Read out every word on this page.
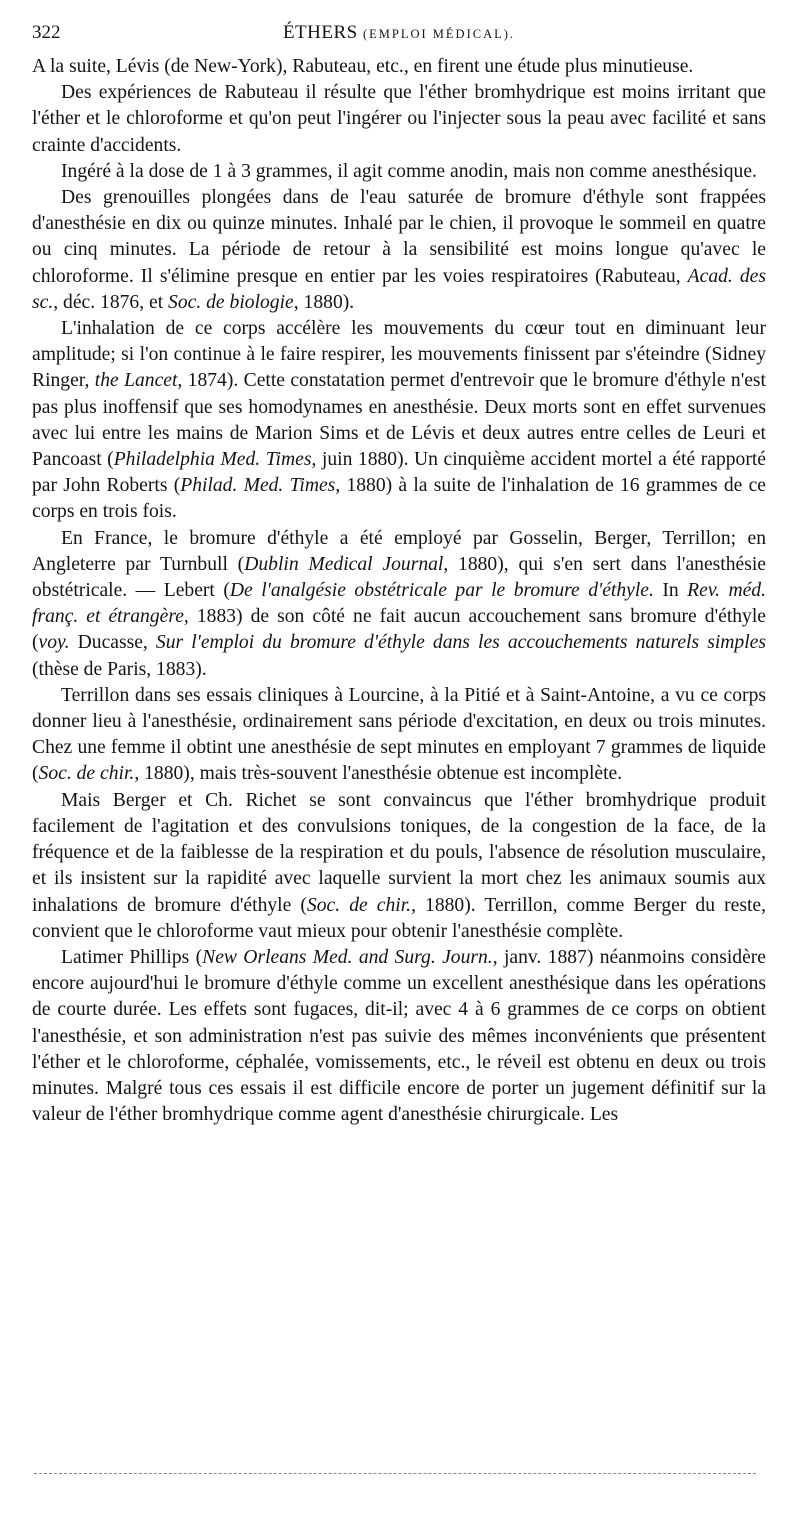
322	ÉTHERS (EMPLOI MÉDICAL).

A la suite, Lévis (de New-York), Rabuteau, etc., en firent une étude plus minutieuse.

Des expériences de Rabuteau il résulte que l'éther bromhydrique est moins irritant que l'éther et le chloroforme et qu'on peut l'ingérer ou l'injecter sous la peau avec facilité et sans crainte d'accidents.

Ingéré à la dose de 1 à 3 grammes, il agit comme anodin, mais non comme anesthésique.

Des grenouilles plongées dans de l'eau saturée de bromure d'éthyle sont frappées d'anesthésie en dix ou quinze minutes. Inhalé par le chien, il provoque le sommeil en quatre ou cinq minutes. La période de retour à la sensibilité est moins longue qu'avec le chloroforme. Il s'élimine presque en entier par les voies respiratoires (Rabuteau, Acad. des sc., déc. 1876, et Soc. de biologie, 1880).

L'inhalation de ce corps accélère les mouvements du cœur tout en diminuant leur amplitude; si l'on continue à le faire respirer, les mouvements finissent par s'éteindre (Sidney Ringer, the Lancet, 1874). Cette constatation permet d'entrevoir que le bromure d'éthyle n'est pas plus inoffensif que ses homodynames en anesthésie. Deux morts sont en effet survenues avec lui entre les mains de Marion Sims et de Lévis et deux autres entre celles de Leuri et Pancoast (Philadelphia Med. Times, juin 1880). Un cinquième accident mortel a été rapporté par John Roberts (Philad. Med. Times, 1880) à la suite de l'inhalation de 16 grammes de ce corps en trois fois.

En France, le bromure d'éthyle a été employé par Gosselin, Berger, Terrillon; en Angleterre par Turnbull (Dublin Medical Journal, 1880), qui s'en sert dans l'anesthésie obstétricale. — Lebert (De l'analgésie obstétricale par le bromure d'éthyle. In Rev. méd. franç. et étrangère, 1883) de son côté ne fait aucun accouchement sans bromure d'éthyle (voy. Ducasse, Sur l'emploi du bromure d'éthyle dans les accouchements naturels simples (thèse de Paris, 1883).

Terrillon dans ses essais cliniques à Lourcine, à la Pitié et à Saint-Antoine, a vu ce corps donner lieu à l'anesthésie, ordinairement sans période d'excitation, en deux ou trois minutes. Chez une femme il obtint une anesthésie de sept minutes en employant 7 grammes de liquide (Soc. de chir., 1880), mais très-souvent l'anesthésie obtenue est incomplète.

Mais Berger et Ch. Richet se sont convaincus que l'éther bromhydrique produit facilement de l'agitation et des convulsions toniques, de la congestion de la face, de la fréquence et de la faiblesse de la respiration et du pouls, l'absence de résolution musculaire, et ils insistent sur la rapidité avec laquelle survient la mort chez les animaux soumis aux inhalations de bromure d'éthyle (Soc. de chir., 1880). Terrillon, comme Berger du reste, convient que le chloroforme vaut mieux pour obtenir l'anesthésie complète.

Latimer Phillips (New Orleans Med. and Surg. Journ., janv. 1887) néanmoins considère encore aujourd'hui le bromure d'éthyle comme un excellent anesthésique dans les opérations de courte durée. Les effets sont fugaces, dit-il; avec 4 à 6 grammes de ce corps on obtient l'anesthésie, et son administration n'est pas suivie des mêmes inconvénients que présentent l'éther et le chloroforme, céphalée, vomissements, etc., le réveil est obtenu en deux ou trois minutes. Malgré tous ces essais il est difficile encore de porter un jugement définitif sur la valeur de l'éther bromhydrique comme agent d'anesthésie chirurgicale. Les
